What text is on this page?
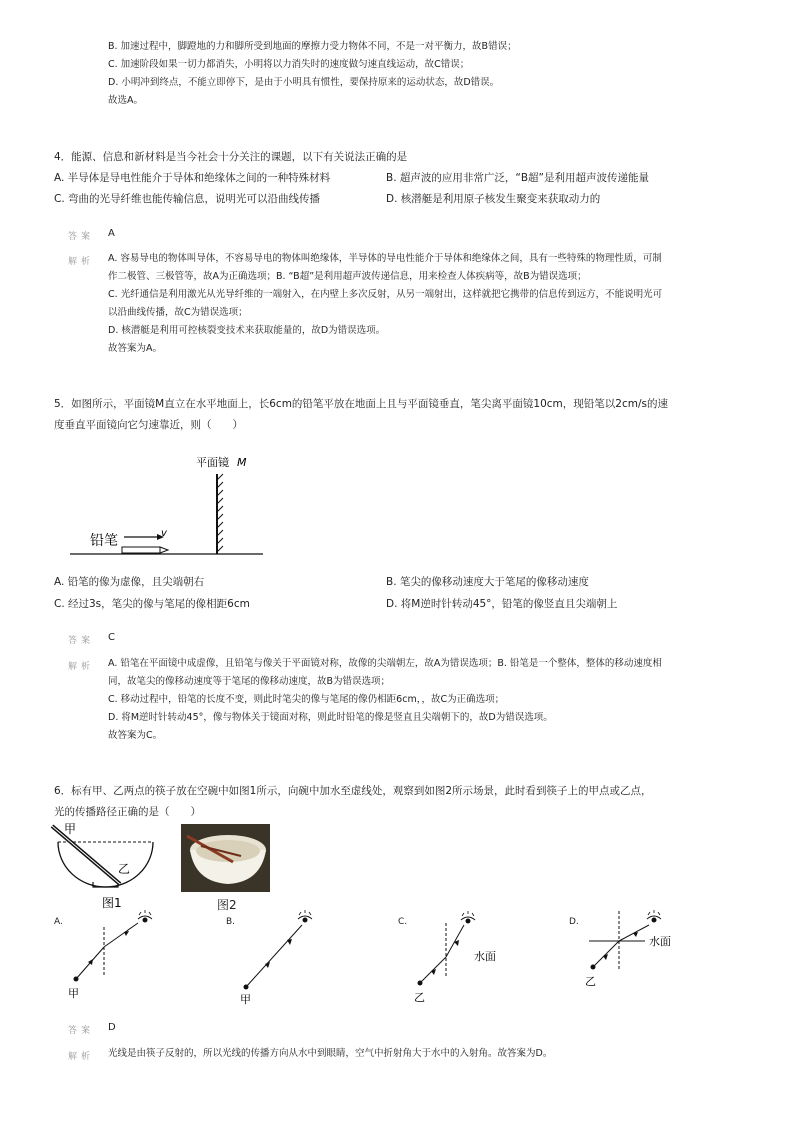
B. 加速过程中，脚蹬地的力和脚所受到地面的摩擦力受力物体不同，不是一对平衡力，故B错误；
C. 加速阶段如果一切力都消失，小明将以力消失时的速度做匀速直线运动，故C错误；
D. 小明冲到终点，不能立即停下，是由于小明具有惯性，要保持原来的运动状态，故D错误。
故选A。
4．能源、信息和新材料是当今社会十分关注的课题，以下有关说法正确的是
A. 半导体是导电性能介于导体和绝缘体之间的一种特殊材料	B. 超声波的应用非常广泛，“B超”是利用超声波传递能量
C. 弯曲的光导纤维也能传输信息，说明光可以沿曲线传播	D. 核潜艇是利用原子核发生聚变来获取动力的
答案 A
解析 A. 容易导电的物体叫导体，不容易导电的物体叫绝缘体，半导体的导电性能介于导体和绝缘体之间，具有一些特殊的物理性质，可制
作二极管、三极管等，故A为正确选项；B. “B超”是利用超声波传递信息，用来检查人体疾病等，故B为错误选项；
C. 光纤通信是利用激光从光导纤维的一端射入，在内壁上多次反射，从另一端射出，这样就把它携带的信息传到远方，不能说明光可
以沿曲线传播，故C为错误选项；
D. 核潜艇是利用可控核裂变技术来获取能量的，故D为错误选项。
故答案为A。
5．如图所示，平面镜M直立在水平地面上，长6cm的铅笔平放在地面上且与平面镜垂直，笔尖离平面镜10cm，现铅笔以2cm/s的速
度垂直平面镜向它匀速靠近，则（　　）
平面镜 M
铅笔	v
A. 铅笔的像为虚像，且尖端朝右	B. 笔尖的像移动速度大于笔尾的像移动速度
C. 经过3s，笔尖的像与笔尾的像相距6cm	D. 将M逆时针转动45°，铅笔的像竖直且尖端朝上
答案 C
解析 A. 铅笔在平面镜中成虚像，且铅笔与像关于平面镜对称，故像的尖端朝左，故A为错误选项；B. 铅笔是一个整体，整体的移动速度相
同，故笔尖的像移动速度等于笔尾的像移动速度，故B为错误选项；
C. 移动过程中，铅笔的长度不变，则此时笔尖的像与笔尾的像仍相距6cm，，故C为正确选项；
D. 将M逆时针转动45°，像与物体关于镜面对称，则此时铅笔的像是竖直且尖端朝下的，故D为错误选项。
故答案为C。
6．标有甲、乙两点的筷子放在空碗中如图1所示，向碗中加水至虚线处，观察到如图2所示场景，此时看到筷子上的甲点或乙点，
光的传播路径正确的是（　　）
甲
乙
图1	图2
A.
甲
B.
甲
C.
水面
乙
D.
水面
乙
答案 D
解析 光线是由筷子反射的，所以光线的传播方向从水中到眼睛，空气中折射角大于水中的入射角。故答案为D。
